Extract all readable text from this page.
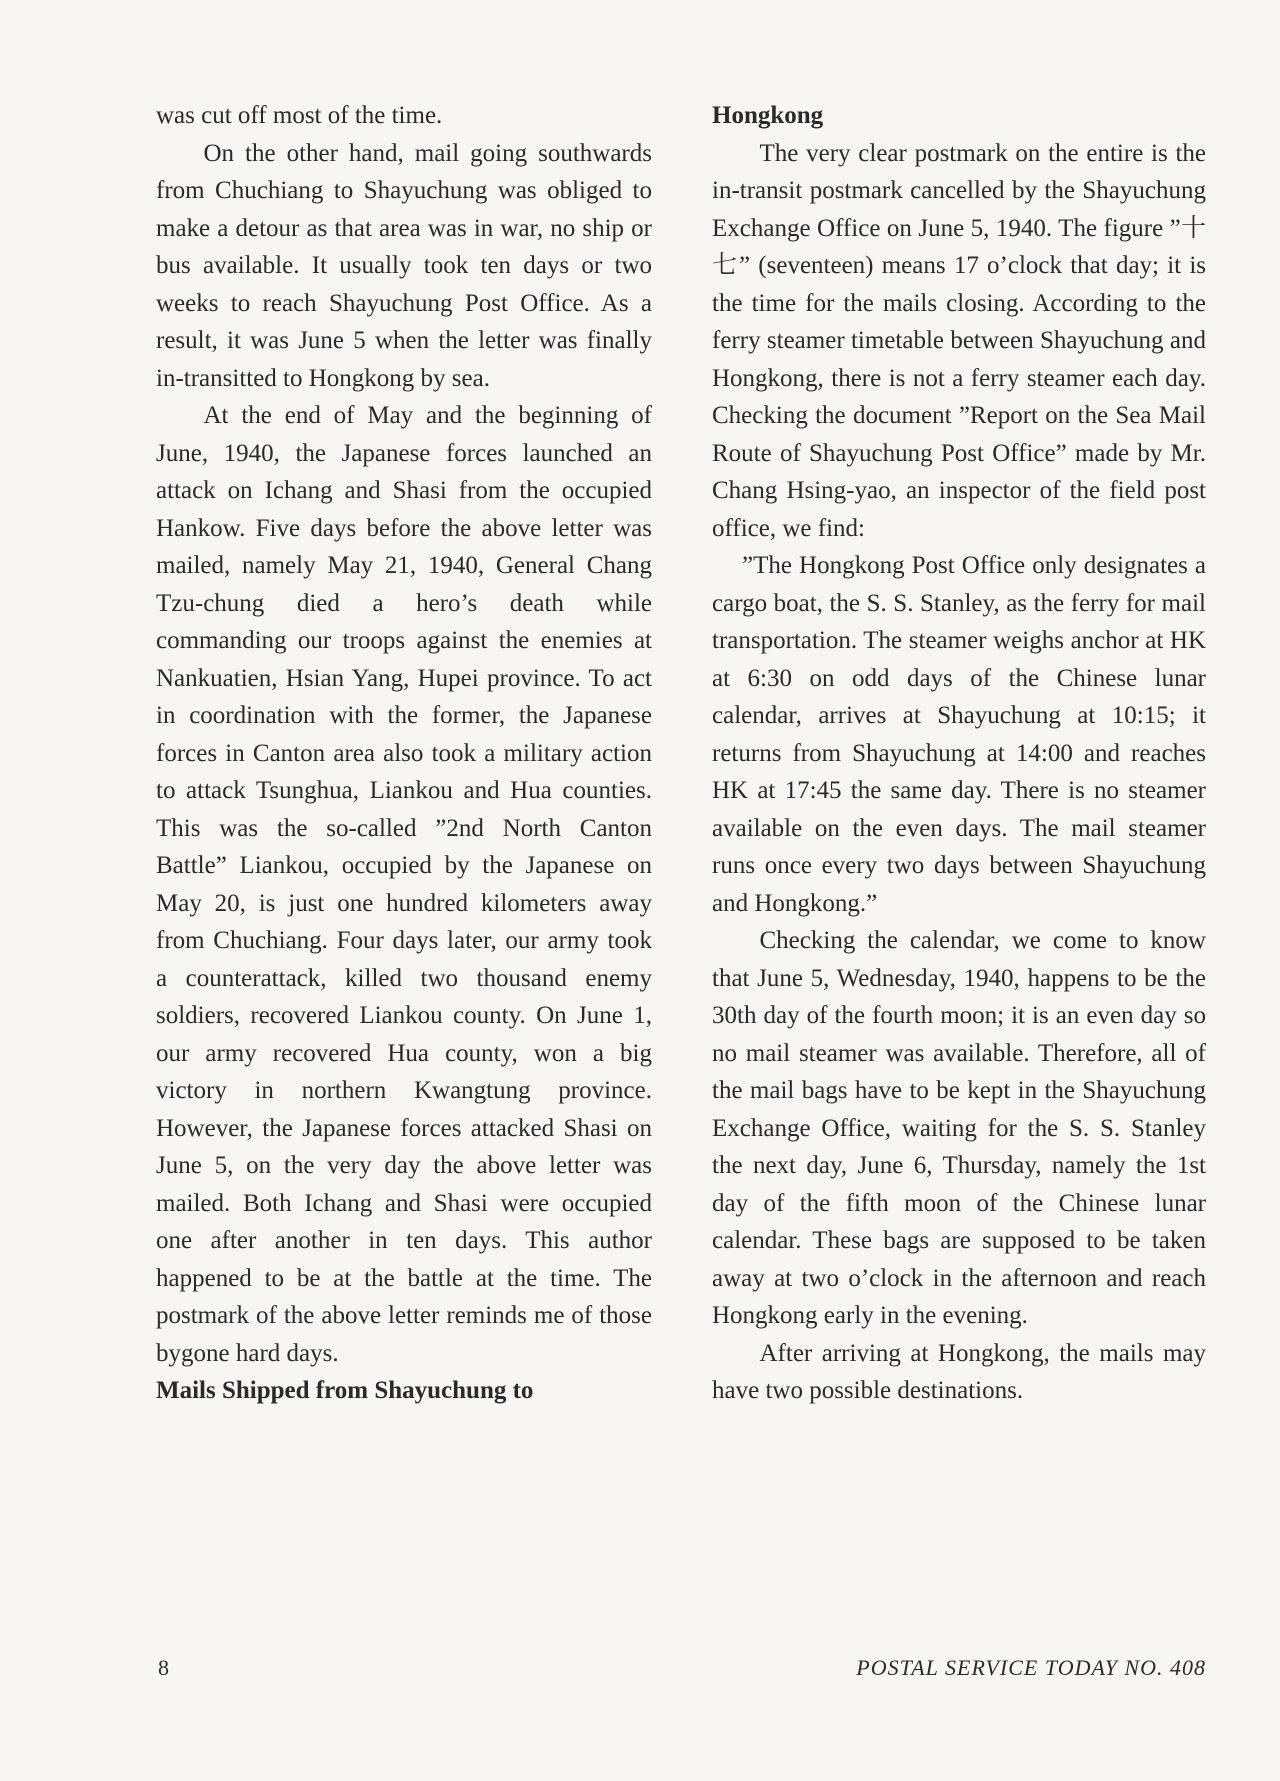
was cut off most of the time.

On the other hand, mail going southwards from Chuchiang to Shayuchung was obliged to make a detour as that area was in war, no ship or bus available. It usually took ten days or two weeks to reach Shayuchung Post Office. As a result, it was June 5 when the letter was finally in-transitted to Hongkong by sea.

At the end of May and the beginning of June, 1940, the Japanese forces launched an attack on Ichang and Shasi from the occupied Hankow. Five days before the above letter was mailed, namely May 21, 1940, General Chang Tzu-chung died a hero’s death while commanding our troops against the enemies at Nankuatien, Hsian Yang, Hupei province. To act in coordination with the former, the Japanese forces in Canton area also took a military action to attack Tsunghua, Liankou and Hua counties. This was the so-called ”2nd North Canton Battle” Liankou, occupied by the Japanese on May 20, is just one hundred kilometers away from Chuchiang. Four days later, our army took a counterattack, killed two thousand enemy soldiers, recovered Liankou county. On June 1, our army recovered Hua county, won a big victory in northern Kwangtung province. However, the Japanese forces attacked Shasi on June 5, on the very day the above letter was mailed. Both Ichang and Shasi were occupied one after another in ten days. This author happened to be at the battle at the time. The postmark of the above letter reminds me of those bygone hard days.

Mails Shipped from Shayuchung to

Hongkong

The very clear postmark on the entire is the in-transit postmark cancelled by the Shayuchung Exchange Office on June 5, 1940. The figure ”十七” (seventeen) means 17 o’clock that day; it is the time for the mails closing. According to the ferry steamer timetable between Shayuchung and Hongkong, there is not a ferry steamer each day. Checking the document ”Report on the Sea Mail Route of Shayuchung Post Office” made by Mr. Chang Hsing-yao, an inspector of the field post office, we find:

”The Hongkong Post Office only designates a cargo boat, the S. S. Stanley, as the ferry for mail transportation. The steamer weighs anchor at HK at 6:30 on odd days of the Chinese lunar calendar, arrives at Shayuchung at 10:15; it returns from Shayuchung at 14:00 and reaches HK at 17:45 the same day. There is no steamer available on the even days. The mail steamer runs once every two days between Shayuchung and Hongkong.”

Checking the calendar, we come to know that June 5, Wednesday, 1940, happens to be the 30th day of the fourth moon; it is an even day so no mail steamer was available. Therefore, all of the mail bags have to be kept in the Shayuchung Exchange Office, waiting for the S. S. Stanley the next day, June 6, Thursday, namely the 1st day of the fifth moon of the Chinese lunar calendar. These bags are supposed to be taken away at two o’clock in the afternoon and reach Hongkong early in the evening.

After arriving at Hongkong, the mails may have two possible destinations.

8	POSTAL SERVICE TODAY NO. 408
